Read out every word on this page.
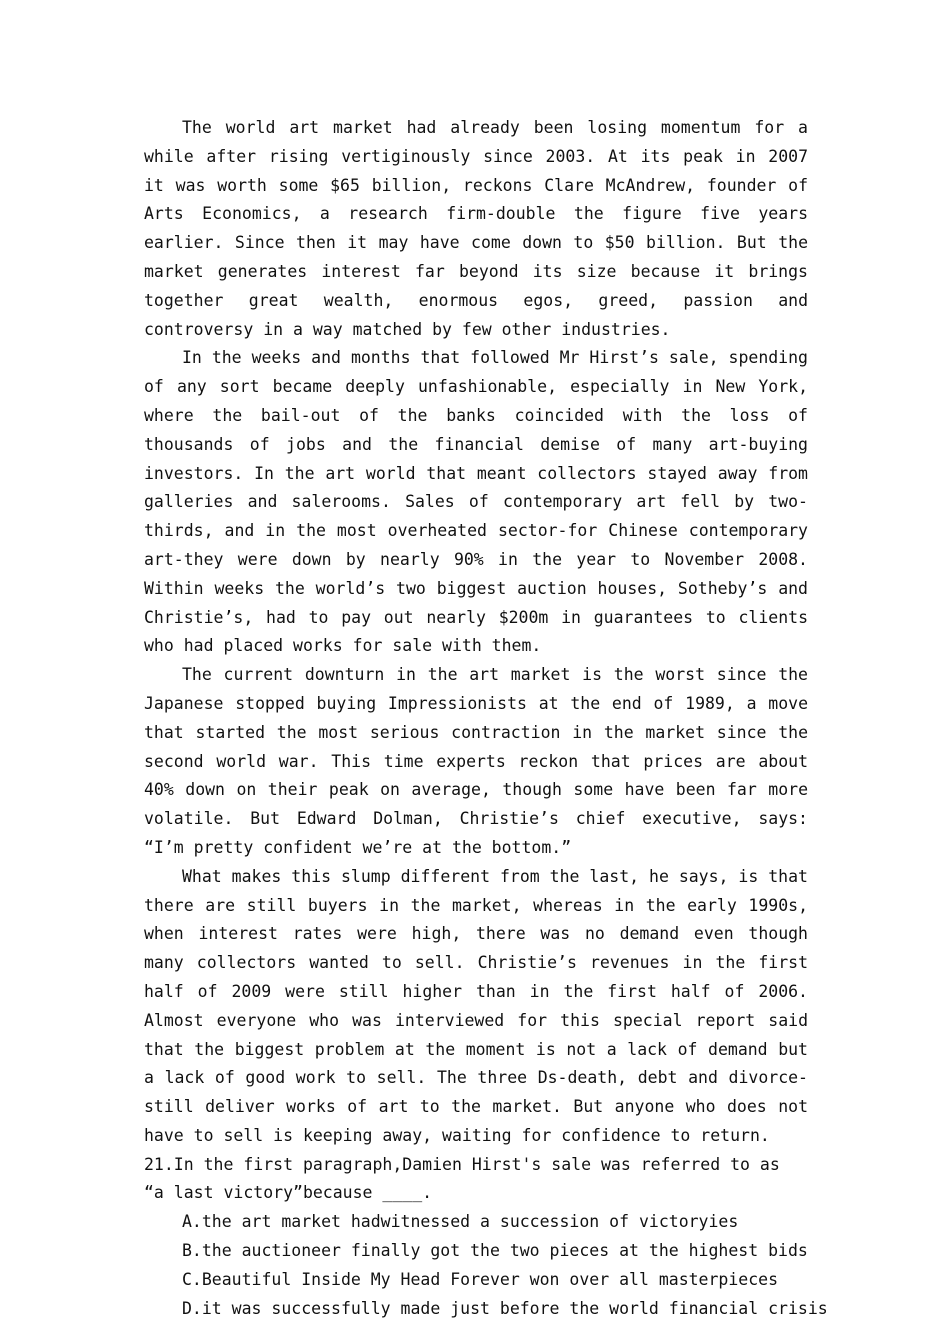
The world art market had already been losing momentum for a while after rising vertiginously since 2003. At its peak in 2007 it was worth some $65 billion, reckons Clare McAndrew, founder of Arts Economics, a research firm-double the figure five years earlier. Since then it may have come down to $50 billion. But the market generates interest far beyond its size because it brings together great wealth, enormous egos, greed, passion and controversy in a way matched by few other industries.

In the weeks and months that followed Mr Hirst’s sale, spending of any sort became deeply unfashionable, especially in New York, where the bail-out of the banks coincided with the loss of thousands of jobs and the financial demise of many art-buying investors. In the art world that meant collectors stayed away from galleries and salerooms. Sales of contemporary art fell by two-thirds, and in the most overheated sector-for Chinese contemporary art-they were down by nearly 90% in the year to November 2008. Within weeks the world’s two biggest auction houses, Sotheby’s and Christie’s, had to pay out nearly $200m in guarantees to clients who had placed works for sale with them.

The current downturn in the art market is the worst since the Japanese stopped buying Impressionists at the end of 1989, a move that started the most serious contraction in the market since the second world war. This time experts reckon that prices are about 40% down on their peak on average, though some have been far more volatile. But Edward Dolman, Christie’s chief executive, says: “I’m pretty confident we’re at the bottom.”

What makes this slump different from the last, he says, is that there are still buyers in the market, whereas in the early 1990s, when interest rates were high, there was no demand even though many collectors wanted to sell. Christie’s revenues in the first half of 2009 were still higher than in the first half of 2006. Almost everyone who was interviewed for this special report said that the biggest problem at the moment is not a lack of demand but a lack of good work to sell. The three Ds-death, debt and divorce-still deliver works of art to the market. But anyone who does not have to sell is keeping away, waiting for confidence to return.

21.In the first paragraph,Damien Hirst's sale was referred to as “a last victory”because ____.

A.the art market hadwitnessed a succession of victoryies
B.the auctioneer finally got the two pieces at the highest bids
C.Beautiful Inside My Head Forever won over all masterpieces
D.it was successfully made just before the world financial crisis
